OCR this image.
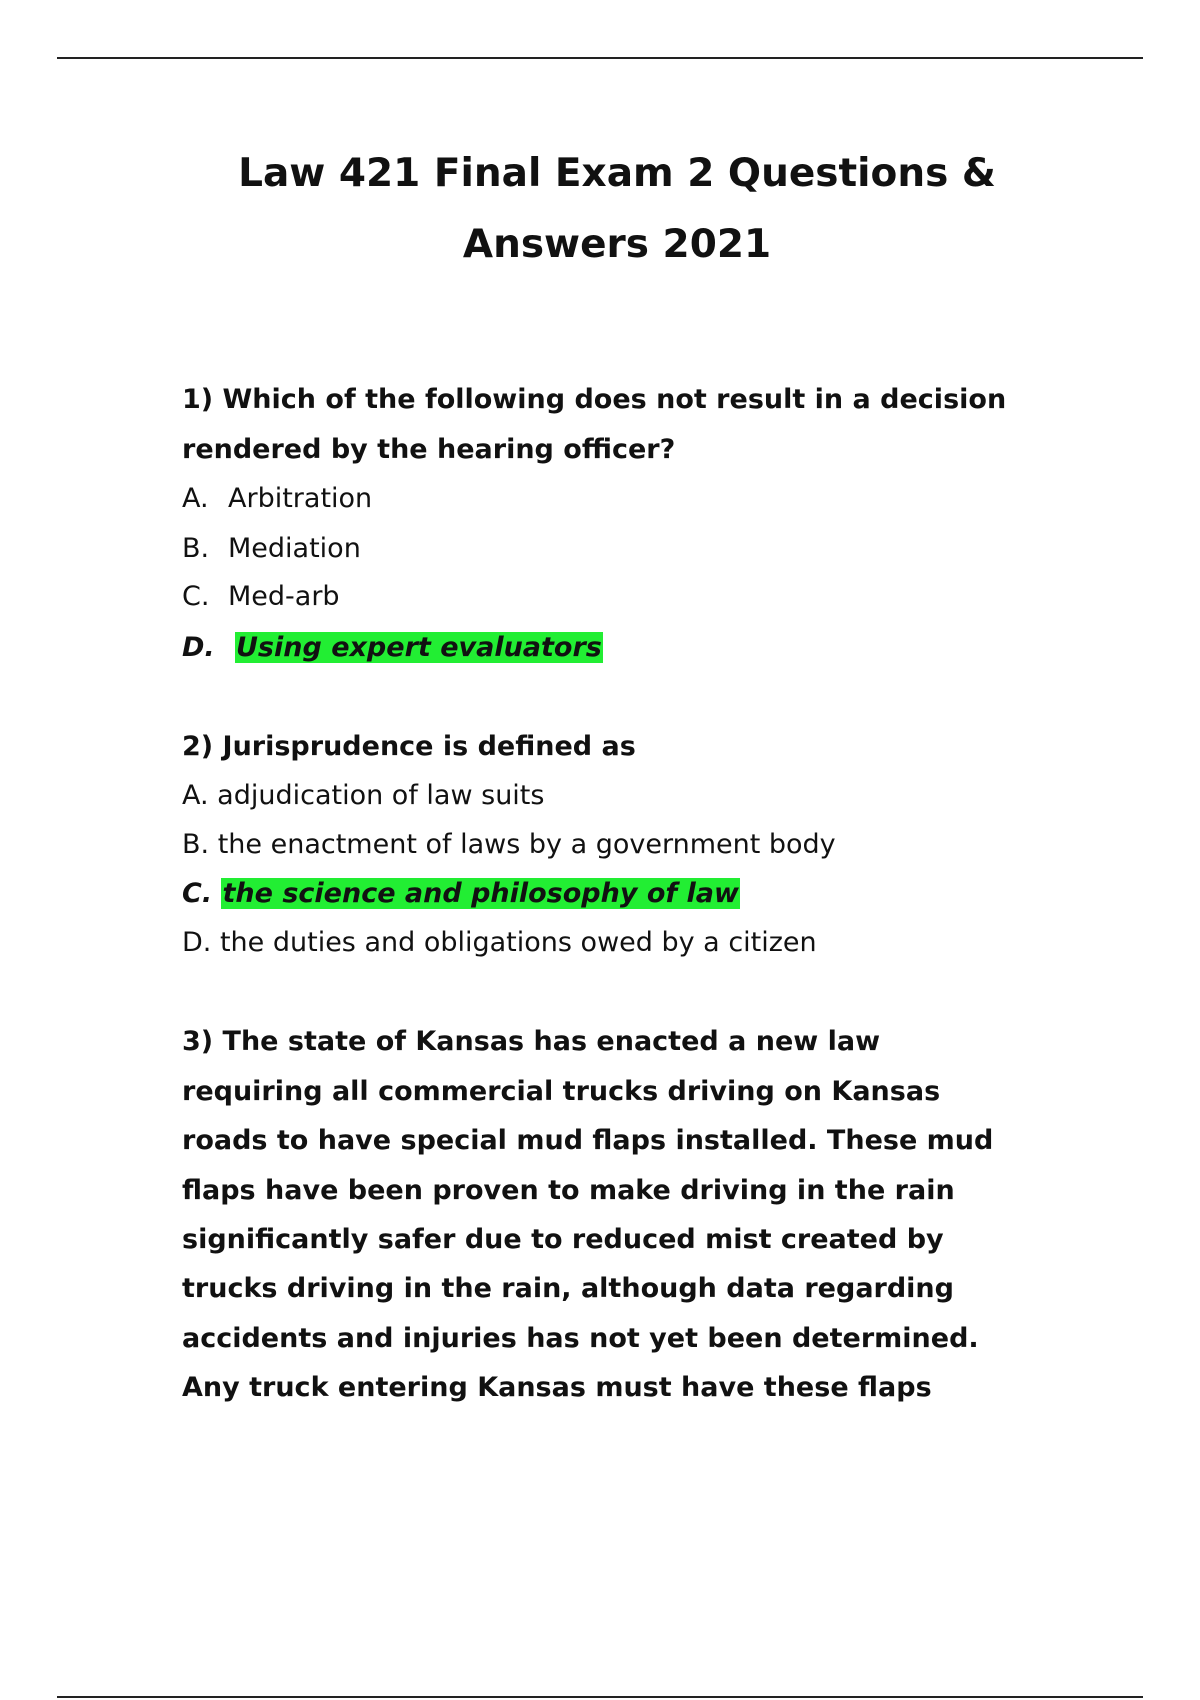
Law 421 Final Exam 2 Questions &
Answers 2021
1) Which of the following does not result in a decision
rendered by the hearing officer?
A. Arbitration
B. Mediation
C. Med-arb
D. Using expert evaluators
2) Jurisprudence is defined as
A. adjudication of law suits
B. the enactment of laws by a government body
C. the science and philosophy of law
D. the duties and obligations owed by a citizen
3) The state of Kansas has enacted a new law
requiring all commercial trucks driving on Kansas
roads to have special mud flaps installed. These mud
flaps have been proven to make driving in the rain
significantly safer due to reduced mist created by
trucks driving in the rain, although data regarding
accidents and injuries has not yet been determined.
Any truck entering Kansas must have these flaps
